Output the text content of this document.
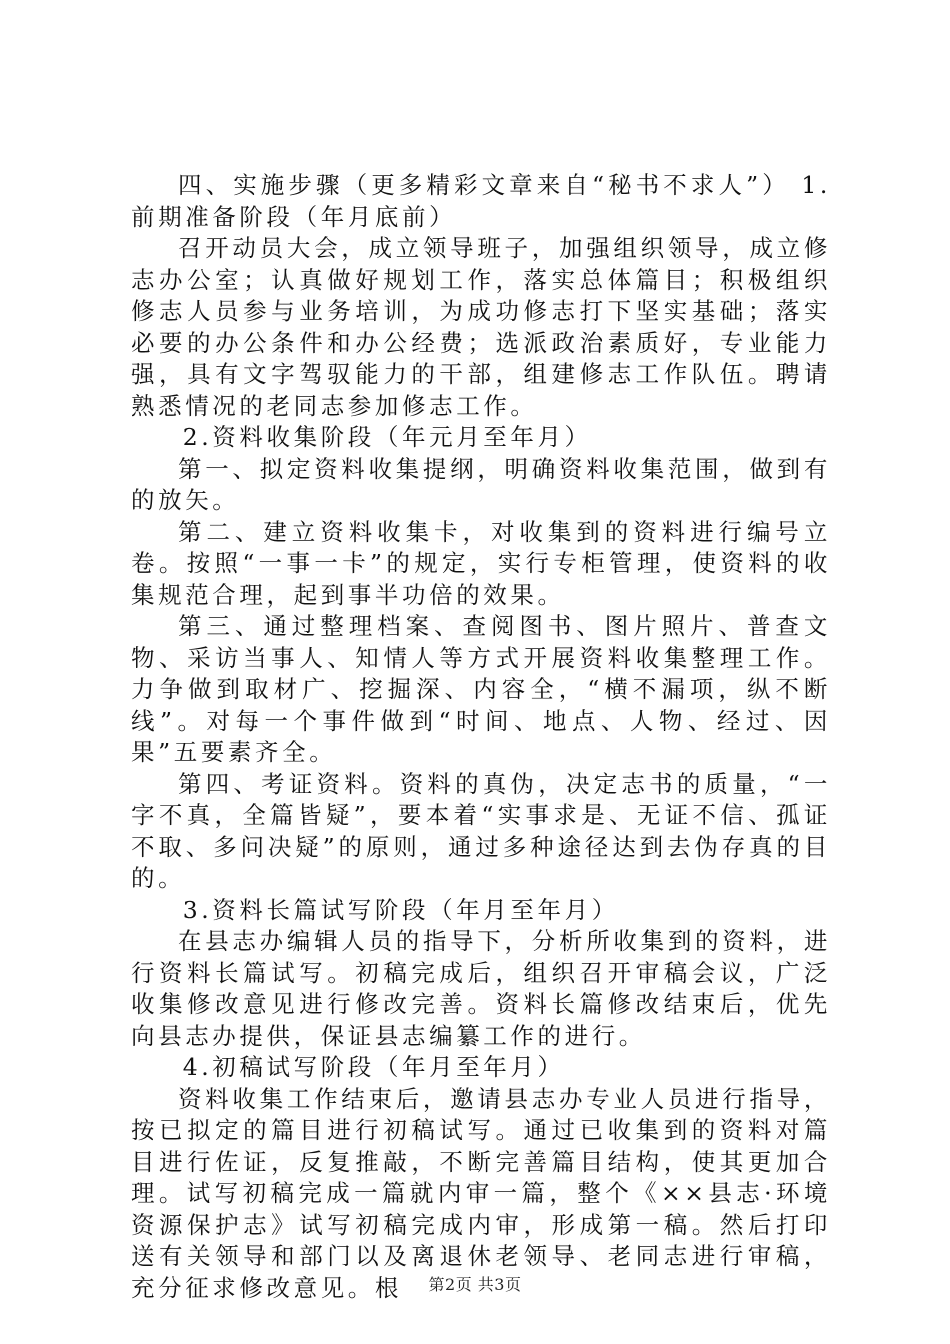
四、实施步骤（更多精彩文章来自“秘书不求人”） 1.前期准备阶段（年月底前）

召开动员大会，成立领导班子，加强组织领导，成立修志办公室；认真做好规划工作，落实总体篇目；积极组织修志人员参与业务培训，为成功修志打下坚实基础；落实必要的办公条件和办公经费；选派政治素质好，专业能力强，具有文字驾驭能力的干部，组建修志工作队伍。聘请熟悉情况的老同志参加修志工作。

2.资料收集阶段（年元月至年月）

第一、拟定资料收集提纲，明确资料收集范围，做到有的放矢。

第二、建立资料收集卡，对收集到的资料进行编号立卷。按照“一事一卡”的规定，实行专柜管理，使资料的收集规范合理，起到事半功倍的效果。

第三、通过整理档案、查阅图书、图片照片、普查文物、采访当事人、知情人等方式开展资料收集整理工作。力争做到取材广、挖掘深、内容全，“横不漏项，纵不断线”。对每一个事件做到“时间、地点、人物、经过、因果”五要素齐全。

第四、考证资料。资料的真伪，决定志书的质量，“一字不真，全篇皆疑”，要本着“实事求是、无证不信、孤证不取、多问决疑”的原则，通过多种途径达到去伪存真的目的。

3.资料长篇试写阶段（年月至年月）

在县志办编辑人员的指导下，分析所收集到的资料，进行资料长篇试写。初稿完成后，组织召开审稿会议，广泛收集修改意见进行修改完善。资料长篇修改结束后，优先向县志办提供，保证县志编纂工作的进行。

4.初稿试写阶段（年月至年月）

资料收集工作结束后，邀请县志办专业人员进行指导，按已拟定的篇目进行初稿试写。通过已收集到的资料对篇目进行佐证，反复推敲，不断完善篇目结构，使其更加合理。试写初稿完成一篇就内审一篇，整个《××县志·环境资源保护志》试写初稿完成内审，形成第一稿。然后打印送有关领导和部门以及离退休老领导、老同志进行审稿，充分征求修改意见。根	第2页 共3页
